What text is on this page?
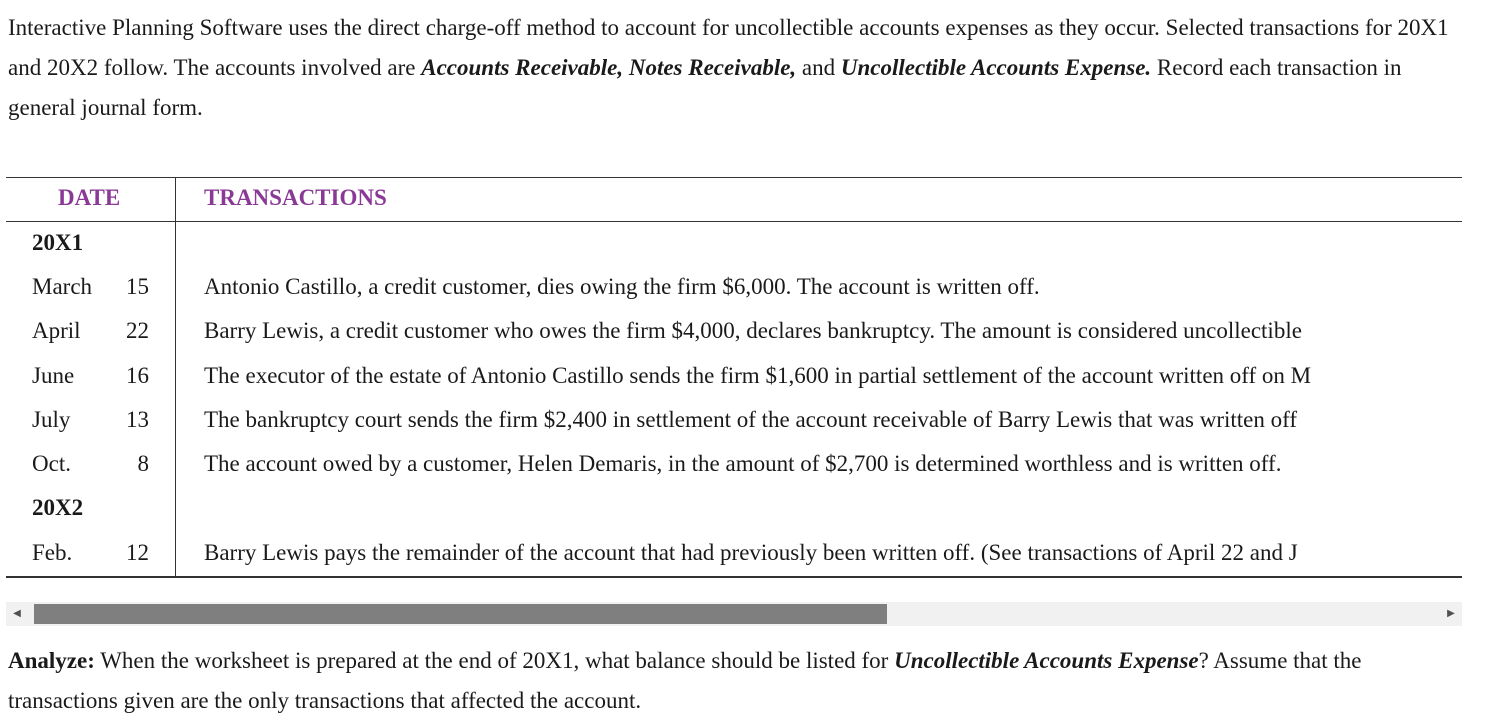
Interactive Planning Software uses the direct charge-off method to account for uncollectible accounts expenses as they occur. Selected transactions for 20X1 and 20X2 follow. The accounts involved are Accounts Receivable, Notes Receivable, and Uncollectible Accounts Expense. Record each transaction in general journal form.

DATE	TRANSACTIONS
20X1
March 15 Antonio Castillo, a credit customer, dies owing the firm $6,000. The account is written off.
April 22 Barry Lewis, a credit customer who owes the firm $4,000, declares bankruptcy. The amount is considered uncollectible
June 16 The executor of the estate of Antonio Castillo sends the firm $1,600 in partial settlement of the account written off on M
July 13 The bankruptcy court sends the firm $2,400 in settlement of the account receivable of Barry Lewis that was written off
Oct.	8 The account owed by a customer, Helen Demaris, in the amount of $2,700 is determined worthless and is written off.
20X2
Feb. 12 Barry Lewis pays the remainder of the account that had previously been written off. (See transactions of April 22 and J
◀	▶

Analyze: When the worksheet is prepared at the end of 20X1, what balance should be listed for Uncollectible Accounts Expense? Assume that the transactions given are the only transactions that affected the account.
